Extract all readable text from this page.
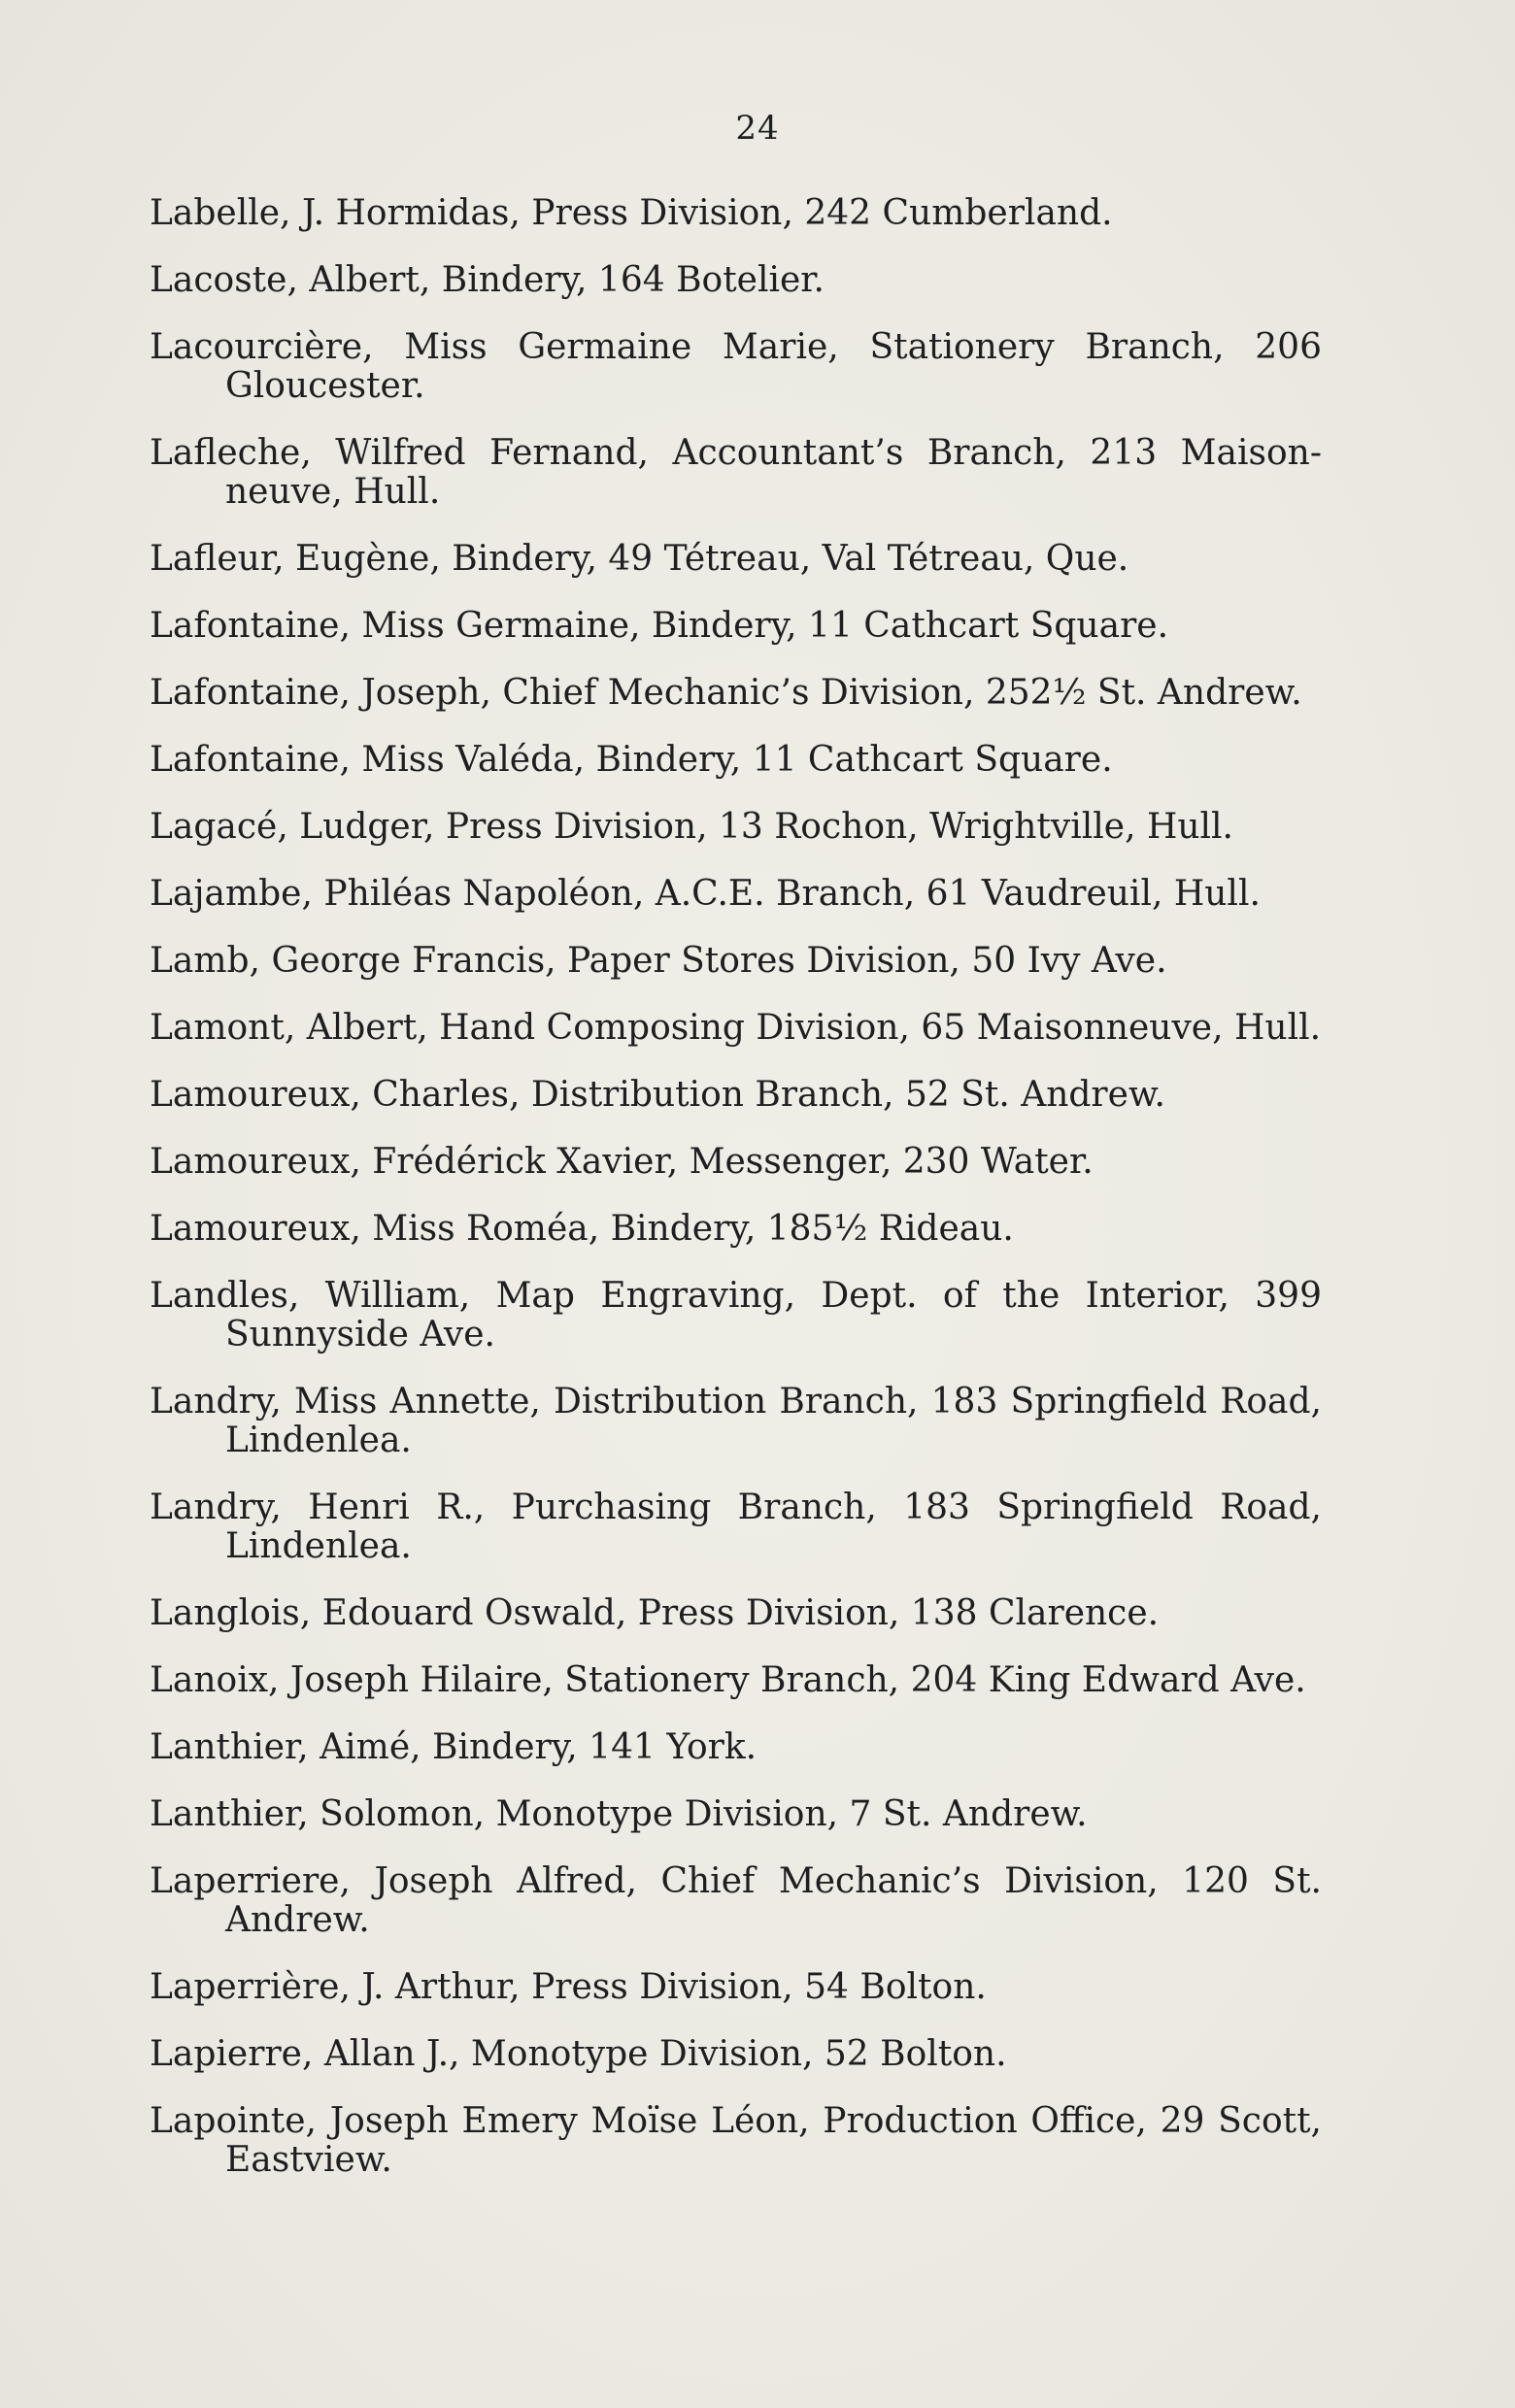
24
Labelle, J. Hormidas, Press Division, 242 Cumberland.
Lacoste, Albert, Bindery, 164 Botelier.
Lacourcière, Miss Germaine Marie, Stationery Branch, 206 Gloucester.
Lafleche, Wilfred Fernand, Accountant’s Branch, 213 Maison-neuve, Hull.
Lafleur, Eugène, Bindery, 49 Tétreau, Val Tétreau, Que.
Lafontaine, Miss Germaine, Bindery, 11 Cathcart Square.
Lafontaine, Joseph, Chief Mechanic’s Division, 252½ St. Andrew.
Lafontaine, Miss Valéda, Bindery, 11 Cathcart Square.
Lagacé, Ludger, Press Division, 13 Rochon, Wrightville, Hull.
Lajambe, Philéas Napoléon, A.C.E. Branch, 61 Vaudreuil, Hull.
Lamb, George Francis, Paper Stores Division, 50 Ivy Ave.
Lamont, Albert, Hand Composing Division, 65 Maisonneuve, Hull.
Lamoureux, Charles, Distribution Branch, 52 St. Andrew.
Lamoureux, Frédérick Xavier, Messenger, 230 Water.
Lamoureux, Miss Roméa, Bindery, 185½ Rideau.
Landles, William, Map Engraving, Dept. of the Interior, 399 Sunnyside Ave.
Landry, Miss Annette, Distribution Branch, 183 Springfield Road, Lindenlea.
Landry, Henri R., Purchasing Branch, 183 Springfield Road, Lindenlea.
Langlois, Edouard Oswald, Press Division, 138 Clarence.
Lanoix, Joseph Hilaire, Stationery Branch, 204 King Edward Ave.
Lanthier, Aimé, Bindery, 141 York.
Lanthier, Solomon, Monotype Division, 7 St. Andrew.
Laperriere, Joseph Alfred, Chief Mechanic’s Division, 120 St. Andrew.
Laperrière, J. Arthur, Press Division, 54 Bolton.
Lapierre, Allan J., Monotype Division, 52 Bolton.
Lapointe, Joseph Emery Moïse Léon, Production Office, 29 Scott, Eastview.
